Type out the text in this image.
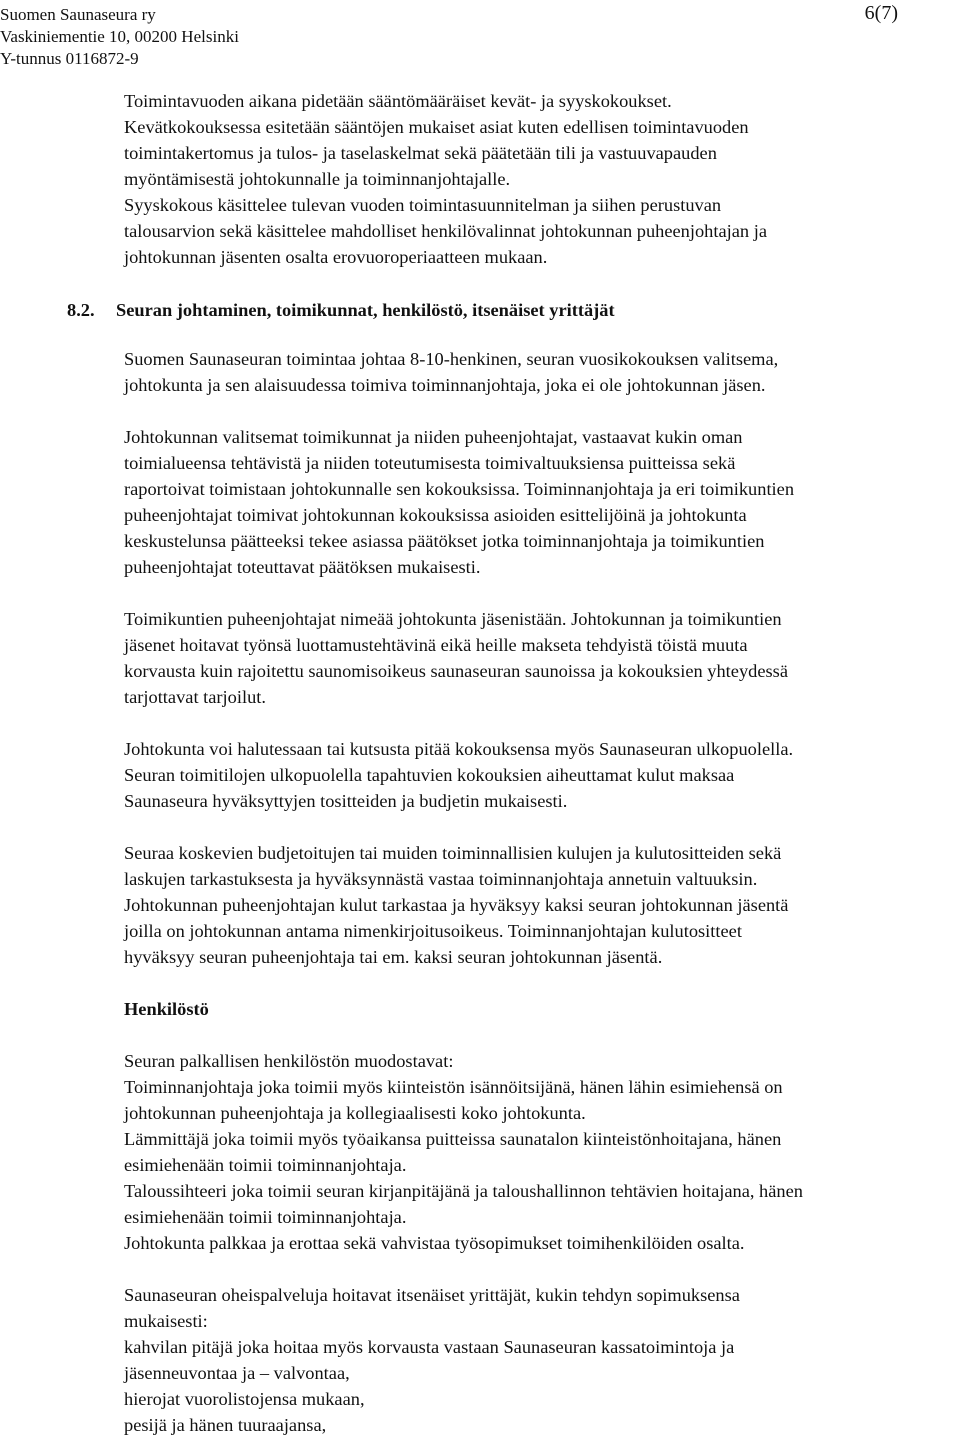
Suomen Saunaseura ry
Vaskiniementie 10, 00200 Helsinki
Y-tunnus 0116872-9
6(7)

Toimintavuoden aikana pidetään sääntömääräiset kevät- ja syyskokoukset.
Kevätkokouksessa esitetään sääntöjen mukaiset asiat kuten edellisen toimintavuoden
toimintakertomus ja tulos- ja taselaskelmat sekä päätetään tili ja vastuuvapauden
myöntämisestä johtokunnalle ja toiminnanjohtajalle.
Syyskokous käsittelee tulevan vuoden toimintasuunnitelman ja siihen perustuvan
talousarvion sekä käsittelee mahdolliset henkilövalinnat johtokunnan puheenjohtajan ja
johtokunnan jäsenten osalta erovuoroperiaatteen mukaan.

Suomen Saunaseuran toimintaa johtaa 8-10-henkinen, seuran vuosikokouksen valitsema,
johtokunta ja sen alaisuudessa toimiva toiminnanjohtaja, joka ei ole johtokunnan jäsen.

Johtokunnan valitsemat toimikunnat ja niiden puheenjohtajat, vastaavat kukin oman
toimialueensa tehtävistä ja niiden toteutumisesta toimivaltuuksiensa puitteissa sekä
raportoivat toimistaan johtokunnalle sen kokouksissa. Toiminnanjohtaja ja eri toimikuntien
puheenjohtajat toimivat johtokunnan kokouksissa asioiden esittelijöinä ja johtokunta
keskustelunsa päätteeksi tekee asiassa päätökset jotka toiminnanjohtaja ja toimikuntien
puheenjohtajat toteuttavat päätöksen mukaisesti.

Toimikuntien puheenjohtajat nimeää johtokunta jäsenistään. Johtokunnan ja toimikuntien
jäsenet hoitavat työnsä luottamustehtävinä eikä heille makseta tehdyistä töistä muuta
korvausta kuin rajoitettu saunomisoikeus saunaseuran saunoissa ja kokouksien yhteydessä
tarjottavat tarjoilut.

Johtokunta voi halutessaan tai kutsusta pitää kokouksensa myös Saunaseuran ulkopuolella.
Seuran toimitilojen ulkopuolella tapahtuvien kokouksien aiheuttamat kulut maksaa
Saunaseura hyväksyttyjen tositteiden ja budjetin mukaisesti.

Seuraa koskevien budjetoitujen tai muiden toiminnallisien kulujen ja kulutositteiden sekä
laskujen tarkastuksesta ja hyväksynnästä vastaa toiminnanjohtaja annetuin valtuuksin.
Johtokunnan puheenjohtajan kulut tarkastaa ja hyväksyy kaksi seuran johtokunnan jäsentä
joilla on johtokunnan antama nimenkirjoitusoikeus. Toiminnanjohtajan kulutositteet
hyväksyy seuran puheenjohtaja tai em. kaksi seuran johtokunnan jäsentä.

Henkilöstö

Seuran palkallisen henkilöstön muodostavat:
Toiminnanjohtaja joka toimii myös kiinteistön isännöitsijänä, hänen lähin esimiehensä on
johtokunnan puheenjohtaja ja kollegiaalisesti koko johtokunta.
Lämmittäjä joka toimii myös työaikansa puitteissa saunatalon kiinteistönhoitajana, hänen
esimiehenään toimii toiminnanjohtaja.
Taloussihteeri joka toimii seuran kirjanpitäjänä ja taloushallinnon tehtävien hoitajana, hänen
esimiehenään toimii toiminnanjohtaja.
Johtokunta palkkaa ja erottaa sekä vahvistaa työsopimukset toimihenkilöiden osalta.

Saunaseuran oheispalveluja hoitavat itsenäiset yrittäjät, kukin tehdyn sopimuksensa
mukaisesti:
kahvilan pitäjä joka hoitaa myös korvausta vastaan Saunaseuran kassatoimintoja ja
jäsenneuvontaa ja – valvontaa,
hierojat vuorolistojensa mukaan,
pesijä ja hänen tuuraajansa,

8.2. Seuran johtaminen, toimikunnat, henkilöstö, itsenäiset yrittäjät
